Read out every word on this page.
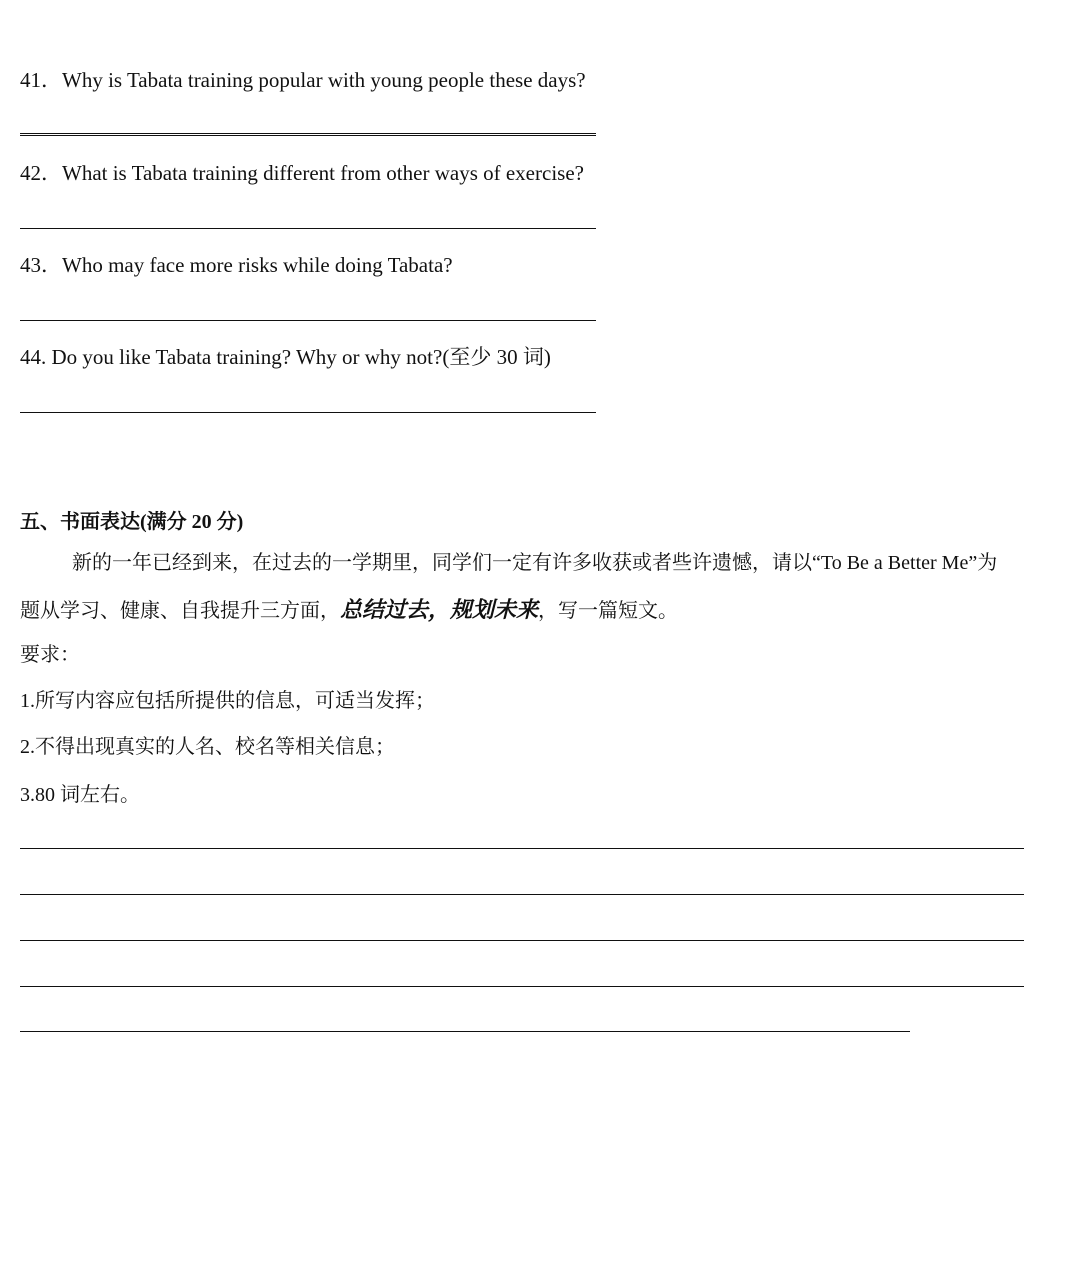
41．Why is Tabata training popular with young people these days?
42．What is Tabata training different from other ways of exercise?
43．Who may face more risks while doing Tabata?
44. Do you like Tabata training? Why or why not?(至少 30 词)
五、书面表达(满分 20 分)
新的一年已经到来，在过去的一学期里，同学们一定有许多收获或者些许遗憾，请以“To Be a Better Me”为
题从学习、健康、自我提升三方面，总结过去，规划未来，写一篇短文。
要求：
1.所写内容应包括所提供的信息，可适当发挥；
2.不得出现真实的人名、校名等相关信息；
3.80 词左右。
